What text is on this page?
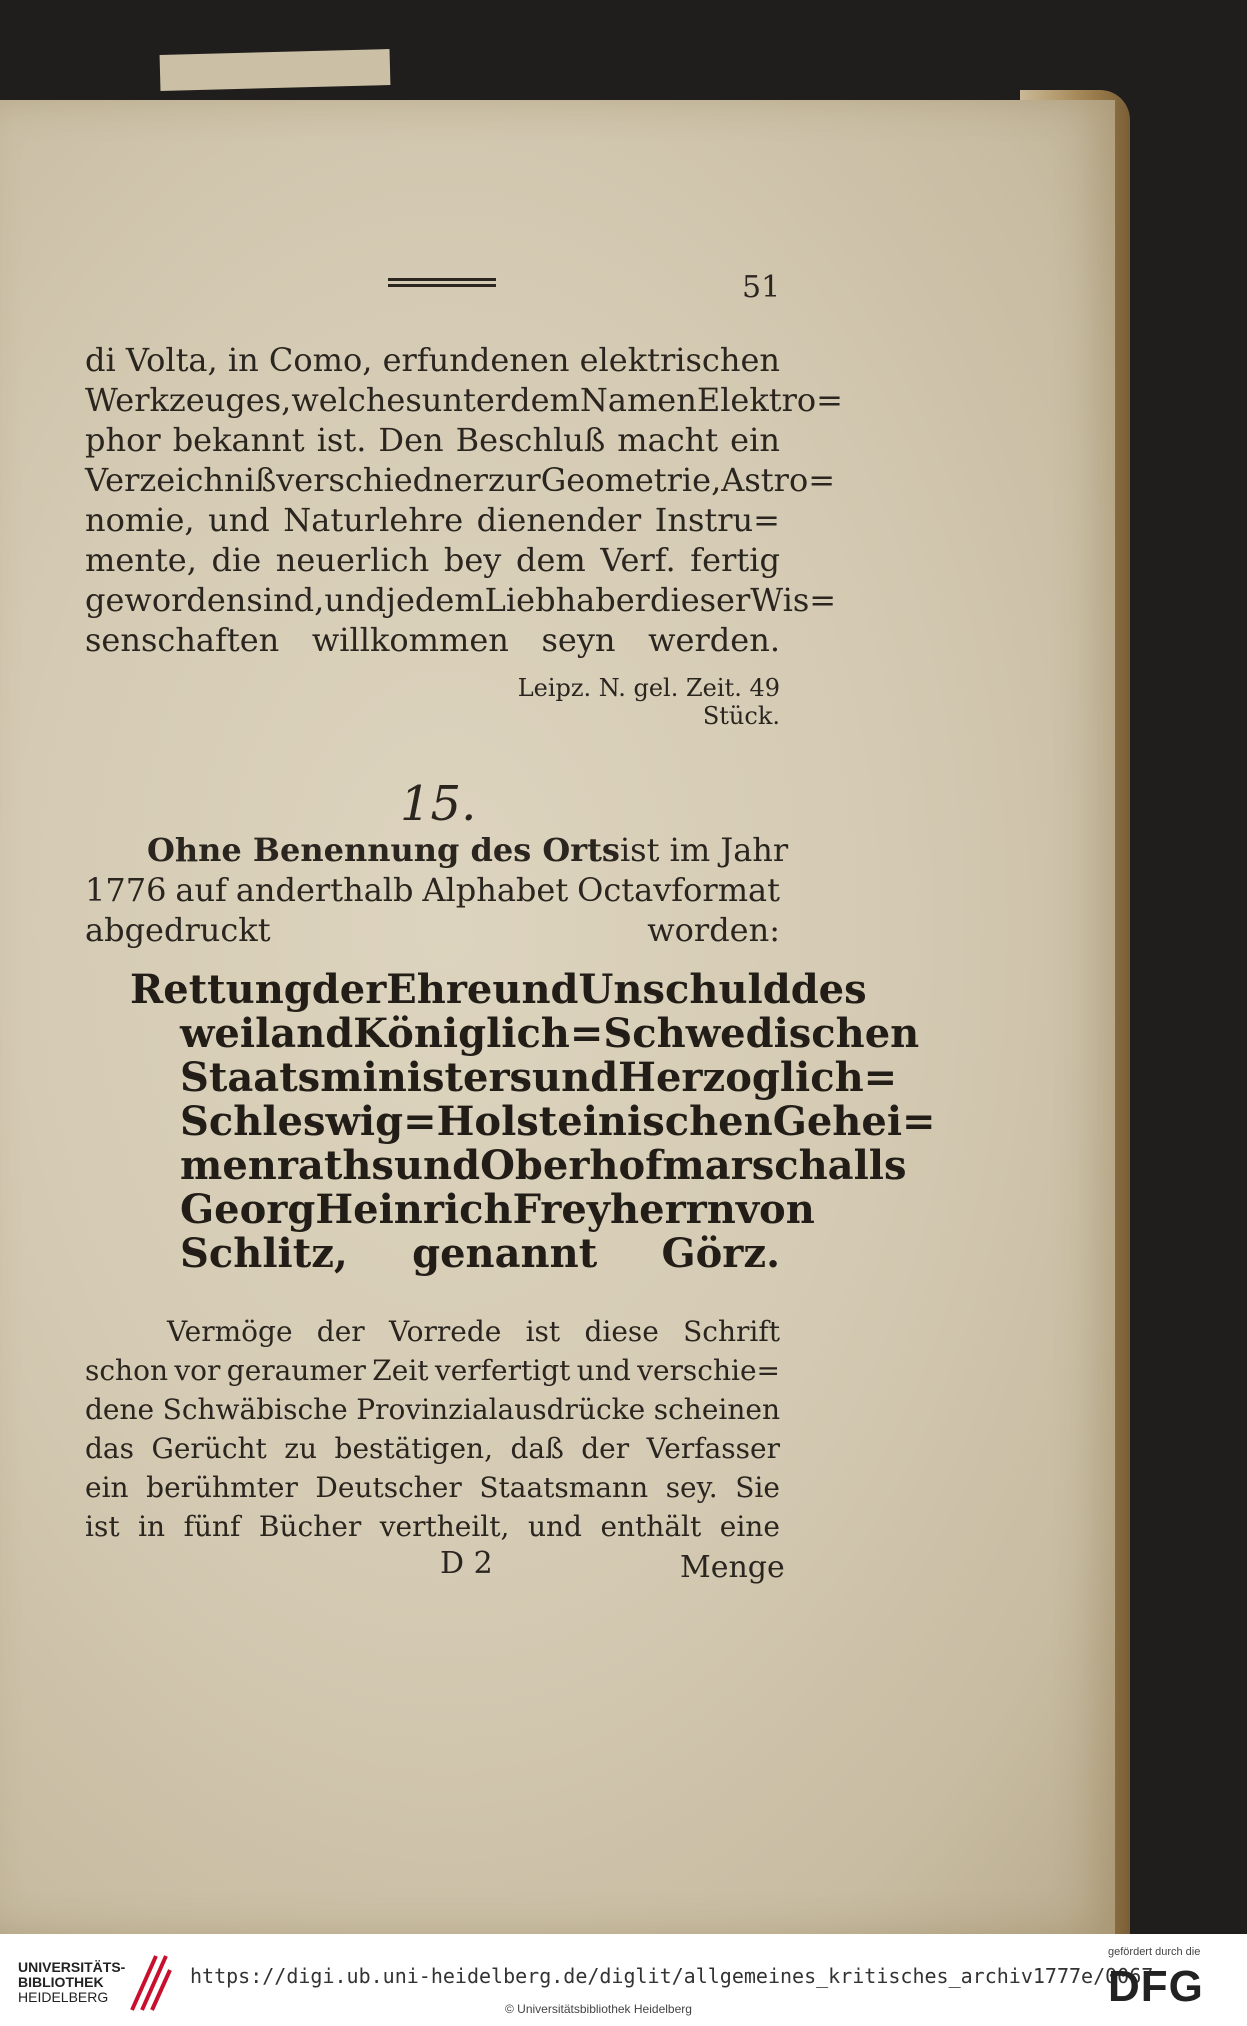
51
di Volta, in Como, erfundenen elektrischen
Werkzeuges, welches unter dem Namen Elektro=
phor bekannt ist. Den Beschluß macht ein
Verzeichniß verschiedner zur Geometrie, Astro=
nomie, und Naturlehre dienender Instru=
mente, die neuerlich bey dem Verf. fertig
geworden sind, und jedem Liebhaber dieser Wis=
senschaften willkommen seyn werden.
Leipz. N. gel. Zeit. 49 Stück.
15.
Ohne Benennung des Orts ist im Jahr
1776 auf anderthalb Alphabet Octavformat
abgedruckt	worden:
Rettung der Ehre und Unschuld des
weiland Königlich = Schwedischen
Staatsministers und Herzoglich=
Schleswig = Holsteinischen Gehei=
menraths und Oberhofmarschalls
Georg Heinrich Freyherrn von
Schlitz, genannt Görz.
Vermöge der Vorrede ist diese Schrift
schon vor geraumer Zeit verfertigt und verschie=
dene Schwäbische Provinzialausdrücke scheinen
das Gerücht zu bestätigen, daß der Verfasser
ein berühmter Deutscher Staatsmann sey. Sie
ist in fünf Bücher vertheilt, und enthält eine
D 2	Menge
UNIVERSITÄTS-
BIBLIOTHEK
HEIDELBERG
https://digi.ub.uni-heidelberg.de/diglit/allgemeines_kritisches_archiv1777e/0067
© Universitätsbibliothek Heidelberg
gefördert durch die
DFG
